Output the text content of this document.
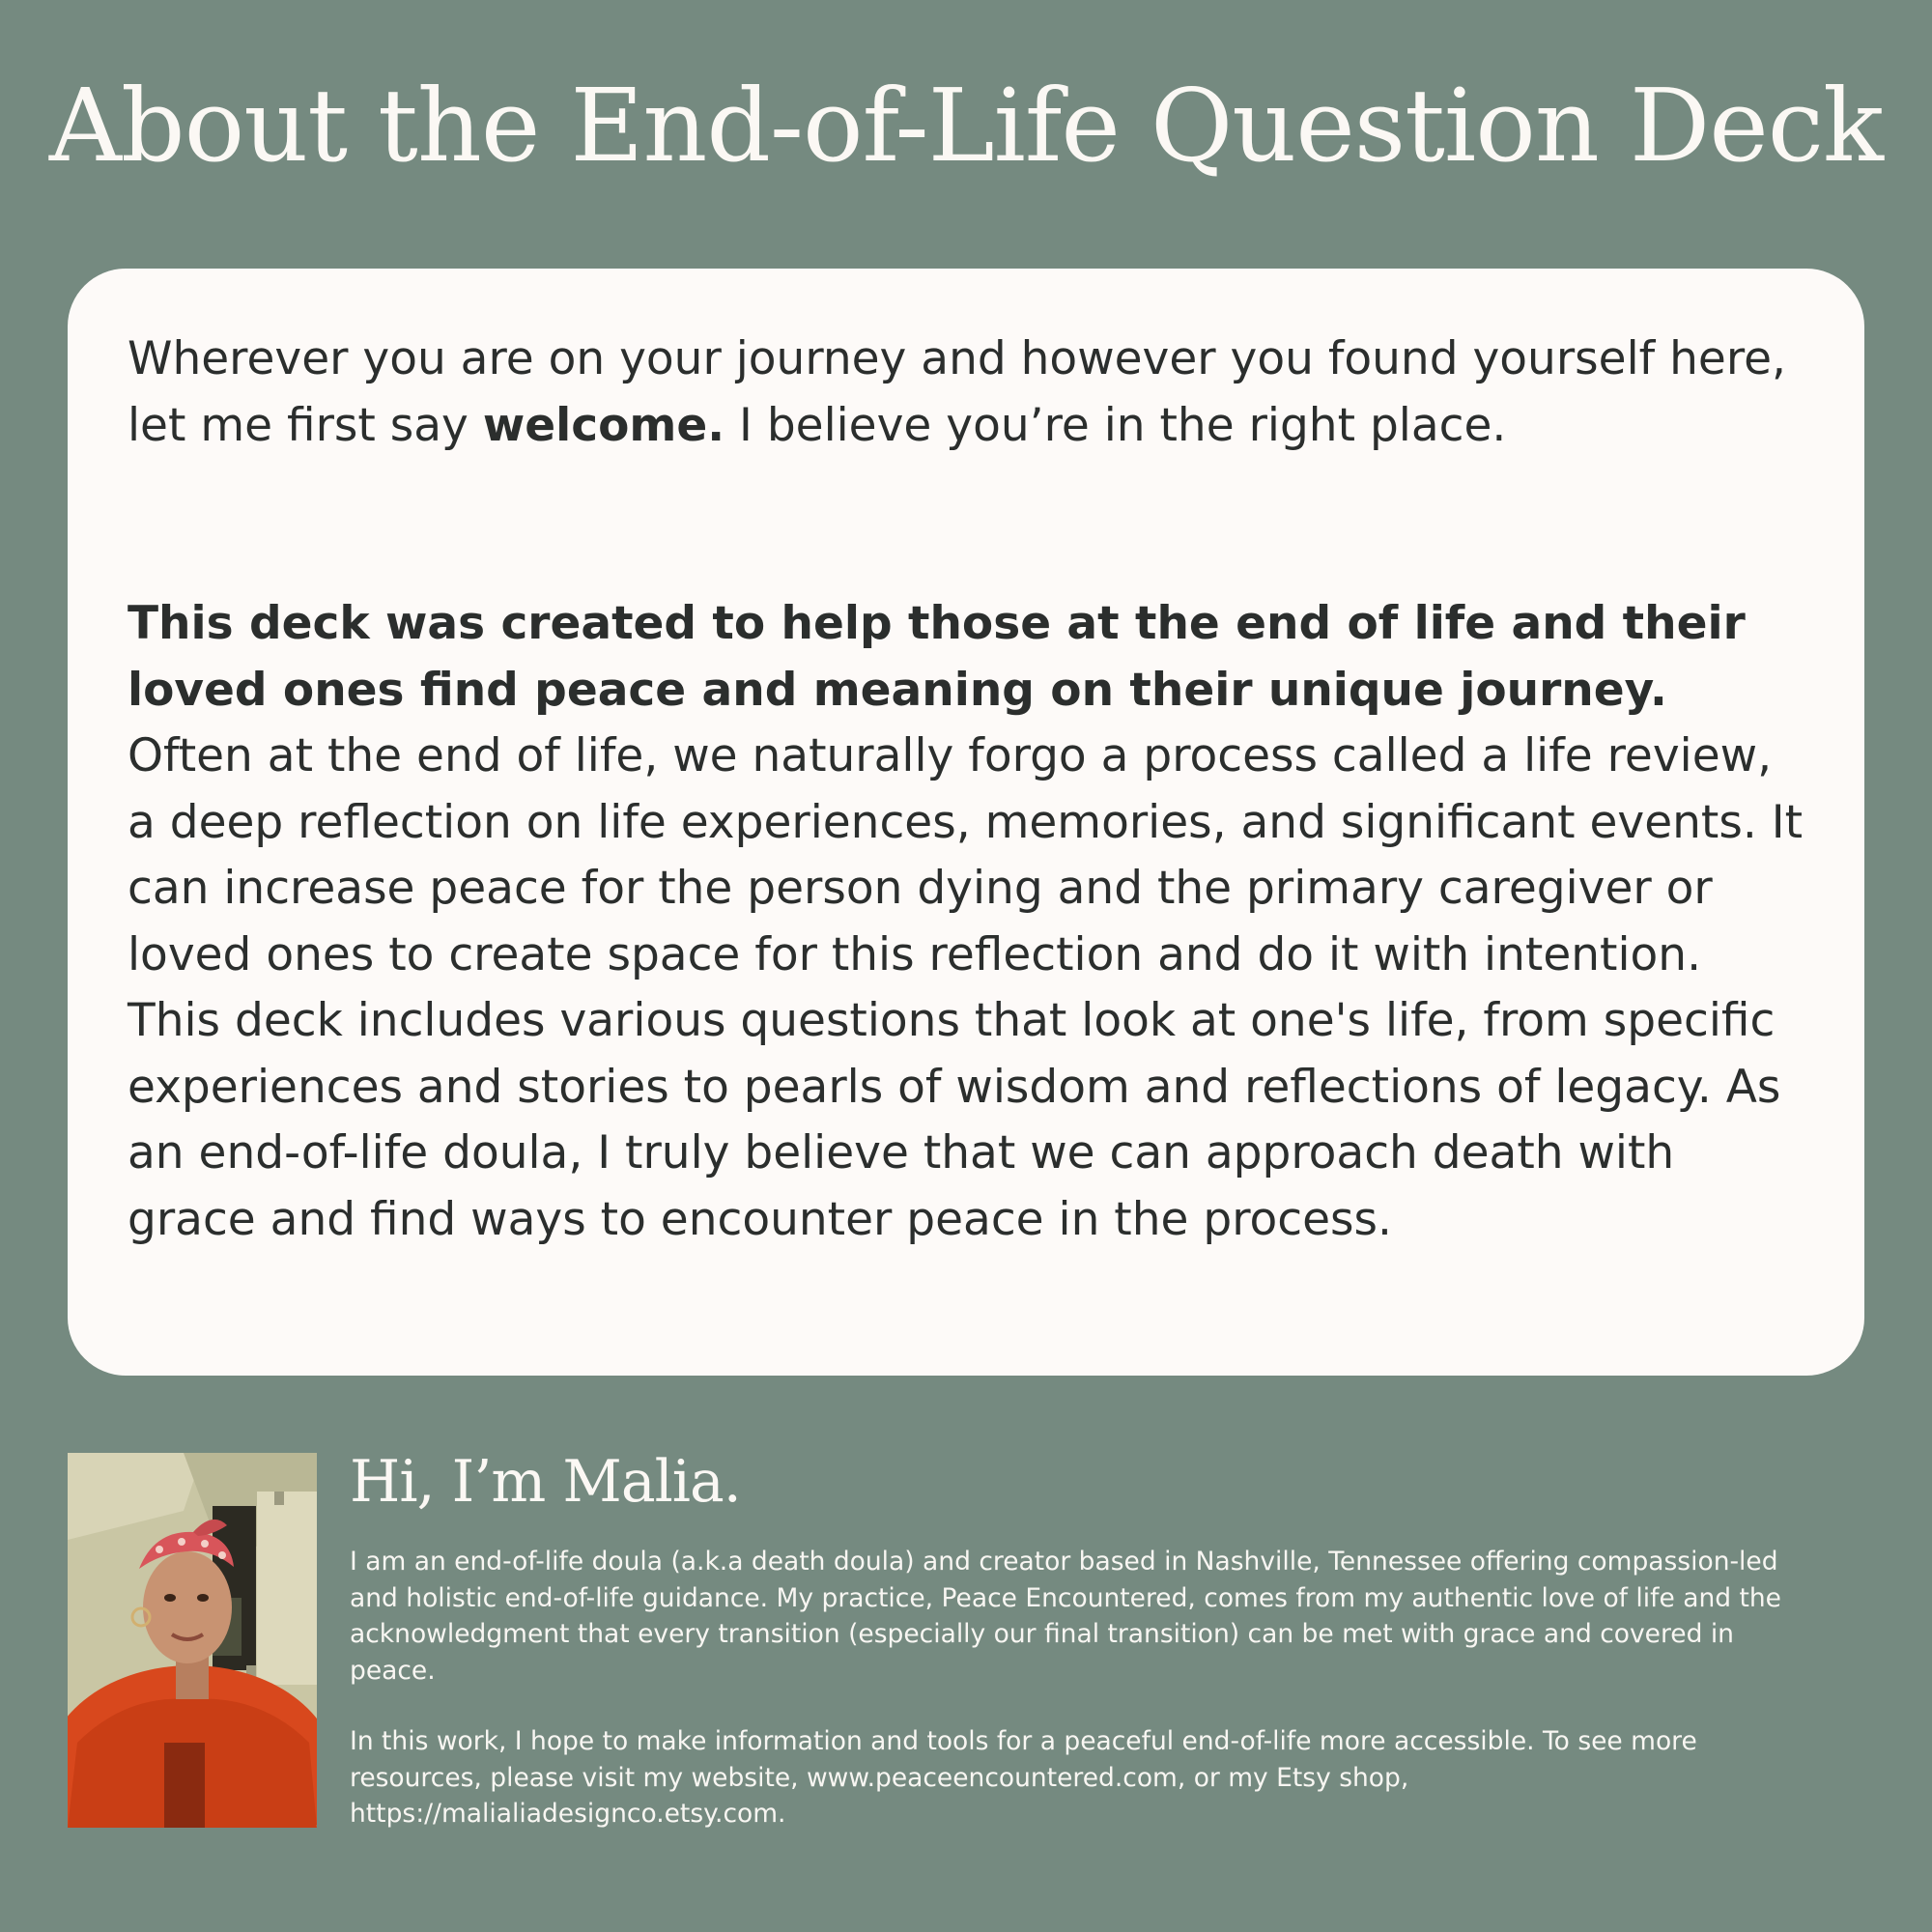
About the End-of-Life Question Deck

Wherever you are on your journey and however you found yourself here, let me first say welcome. I believe you’re in the right place.

This deck was created to help those at the end of life and their loved ones find peace and meaning on their unique journey. Often at the end of life, we naturally forgo a process called a life review, a deep reflection on life experiences, memories, and significant events. It can increase peace for the person dying and the primary caregiver or loved ones to create space for this reflection and do it with intention. This deck includes various questions that look at one's life, from specific experiences and stories to pearls of wisdom and reflections of legacy. As an end-of-life doula, I truly believe that we can approach death with grace and find ways to encounter peace in the process.

Hi, I’m Malia.

I am an end-of-life doula (a.k.a death doula) and creator based in Nashville, Tennessee offering compassion-led and holistic end-of-life guidance. My practice, Peace Encountered, comes from my authentic love of life and the acknowledgment that every transition (especially our final transition) can be met with grace and covered in peace.

In this work, I hope to make information and tools for a peaceful end-of-life more accessible. To see more resources, please visit my website, www.peaceencountered.com, or my Etsy shop, https://malialiadesignco.etsy.com.
